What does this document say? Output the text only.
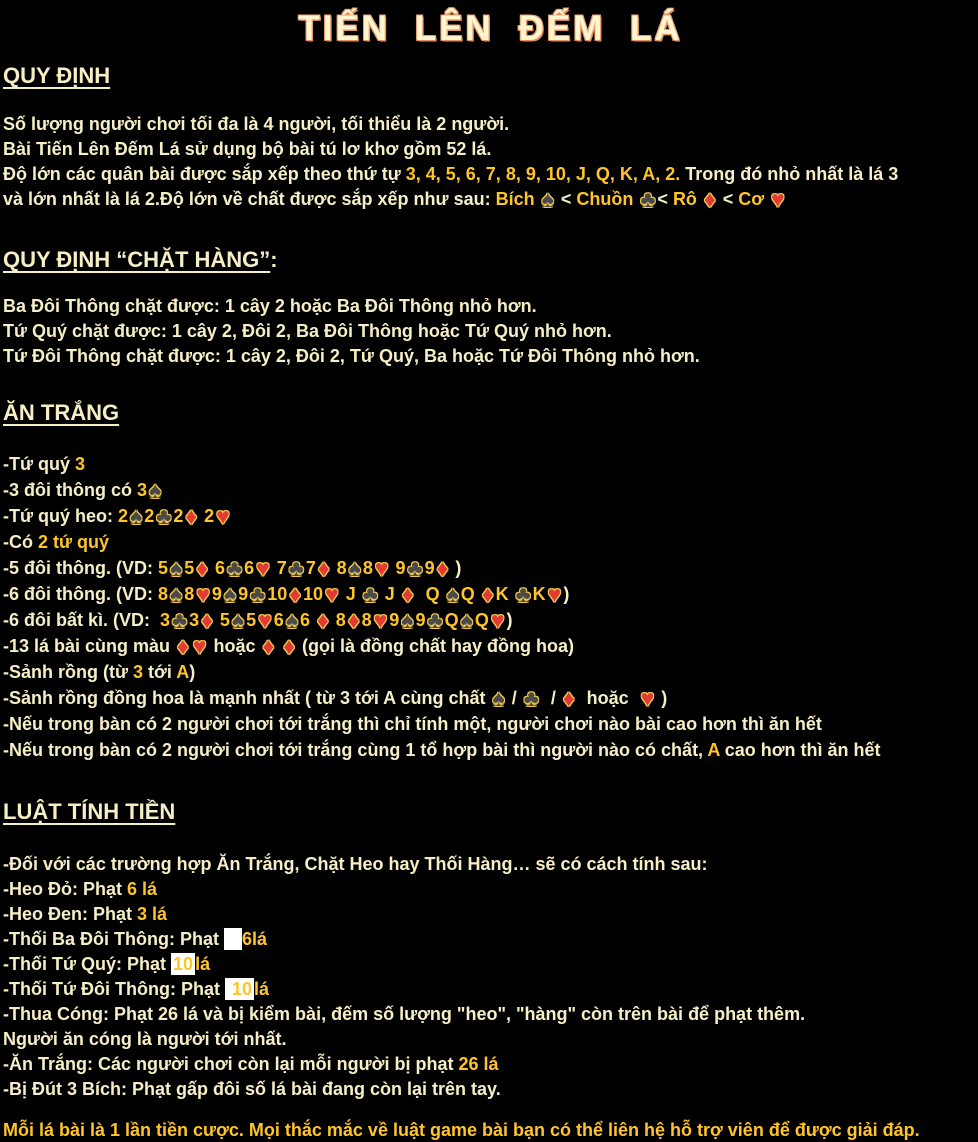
TIẾN LÊN ĐẾM LÁ
QUY ĐỊNH
Số lượng người chơi tối đa là 4 người, tối thiểu là 2 người.
Bài Tiến Lên Đếm Lá sử dụng bộ bài tú lơ khơ gồm 52 lá.
Độ lớn các quân bài được sắp xếp theo thứ tự 3, 4, 5, 6, 7, 8, 9, 10, J, Q, K, A, 2. Trong đó nhỏ nhất là lá 3
và lớn nhất là lá 2.Độ lớn về chất được sắp xếp như sau: Bích ♠ < Chuồn ♣ < Rô ♦ < Cơ ♥
QUY ĐỊNH “CHẶT HÀNG”:
Ba Đôi Thông chặt được: 1 cây 2 hoặc Ba Đôi Thông nhỏ hơn.
Tứ Quý chặt được: 1 cây 2, Đôi 2, Ba Đôi Thông hoặc Tứ Quý nhỏ hơn.
Tứ Đôi Thông chặt được: 1 cây 2, Đôi 2, Tứ Quý, Ba hoặc Tứ Đôi Thông nhỏ hơn.
ĂN TRẮNG
-Tứ quý 3
-3 đôi thông có 3♠
-Tứ quý heo: 2♠ 2♣ 2♦ 2♥
-Có 2 tứ quý
-5 đôi thông. (VD: 5♠ 5♦ 6♣ 6♥ 7♣ 7♦ 8♠ 8♥ 9♣ 9♦ )
-6 đôi thông. (VD: 8♠ 8♥ 9♠ 9♣ 10♦ 10♥ J ♣ J ♦  Q ♠ Q ♦ K ♣ K♥ )
-6 đôi bất kì. (VD:  3♣ 3♦ 5♠ 5♥ 6♠ 6 ♦ 8♦ 8♥ 9♠ 9♣ Q♠ Q♥ )
-13 lá bài cùng màu ♦ ♥ hoặc ♦ ♦ (gọi là đồng chất hay đồng hoa)
-Sảnh rồng (từ 3 tới A)
-Sảnh rồng đồng hoa là mạnh nhất ( từ 3 tới A cùng chất ♠ / ♣  / ♦  hoặc  ♥ )
-Nếu trong bàn có 2 người chơi tới trắng thì chỉ tính một, người chơi nào bài cao hơn thì ăn hết
-Nếu trong bàn có 2 người chơi tới trắng cùng 1 tổ hợp bài thì người nào có chất, A cao hơn thì ăn hết
LUẬT TÍNH TIỀN
-Đối với các trường hợp Ăn Trắng, Chặt Heo hay Thối Hàng… sẽ có cách tính sau:
-Heo Đỏ: Phạt 6 lá
-Heo Đen: Phạt 3 lá
-Thối Ba Đôi Thông: Phạt   6lá
-Thối Tứ Quý: Phạt 10 lá
-Thối Tứ Đôi Thông: Phạt  10 lá
-Thua Cóng: Phạt 26 lá và bị kiểm bài, đếm số lượng "heo", "hàng" còn trên bài để phạt thêm.
Người ăn cóng là người tới nhất.
-Ăn Trắng: Các người chơi còn lại mỗi người bị phạt 26 lá
-Bị Đút 3 Bích: Phạt gấp đôi số lá bài đang còn lại trên tay.
Mỗi lá bài là 1 lần tiền cược. Mọi thắc mắc về luật game bài bạn có thể liên hệ hỗ trợ viên để được giải đáp.
